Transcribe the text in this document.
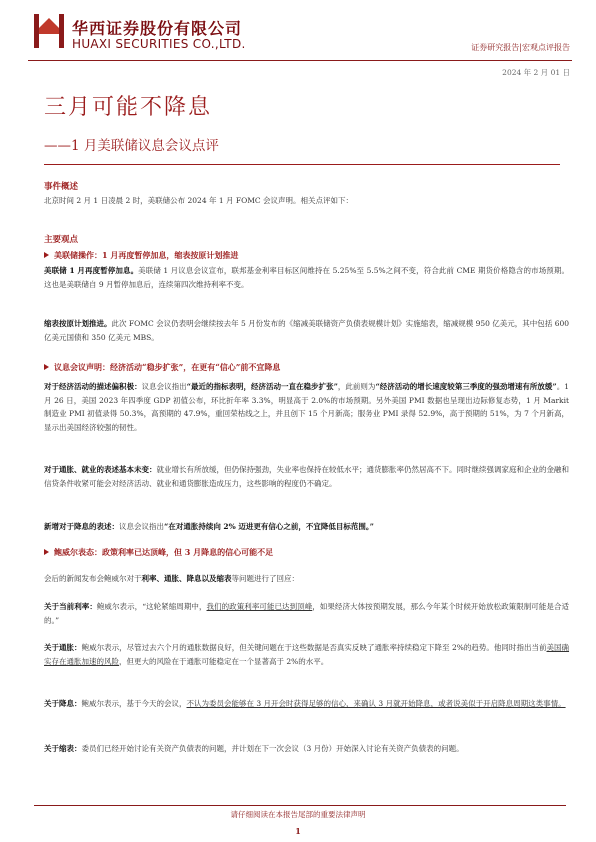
华西证券股份有限公司
HUAXI SECURITIES CO.,LTD.	证券研究报告|宏观点评报告
2024 年 2 月 01 日
三月可能不降息
——1 月美联储议息会议点评
事件概述
北京时间 2 月 1 日凌晨 2 时，美联储公布 2024 年 1 月 FOMC 会议声明。相关点评如下：
主要观点
美联储操作：1 月再度暂停加息，缩表按原计划推进
美联储 1 月再度暂停加息。美联储 1 月议息会议宣布，联邦基金利率目标区间维持在 5.25%至 5.5%之间不变，符合此前 CME 期货价格隐含的市场预期。这也是美联储自 9 月暂停加息后，连续第四次维持利率不变。
缩表按原计划推进。此次 FOMC 会议仍表明会继续按去年 5 月份发布的《缩减美联储资产负债表规模计划》实施缩表，缩减规模 950 亿美元，其中包括 600 亿美元国债和 350 亿美元 MBS。
议息会议声明：经济活动“稳步扩张”，在更有“信心”前不宜降息
对于经济活动的描述偏积极：议息会议指出“最近的指标表明，经济活动一直在稳步扩张”，此前则为“经济活动的增长速度较第三季度的强劲增速有所放缓”。1 月 26 日，美国 2023 年四季度 GDP 初值公布，环比折年率 3.3%，明显高于 2.0%的市场预期。另外美国 PMI 数据也呈现出边际修复态势，1 月 Markit 制造业 PMI 初值录得 50.3%，高预期的 47.9%，重回荣枯线之上，并且创下 15 个月新高；服务业 PMI 录得 52.9%，高于预期的 51%，为 7 个月新高，显示出美国经济较强的韧性。
对于通胀、就业的表述基本未变：就业增长有所放缓，但仍保持强劲，失业率也保持在较低水平；通货膨胀率仍然居高不下。同时继续强调家庭和企业的金融和信贷条件收紧可能会对经济活动、就业和通货膨胀造成压力，这些影响的程度仍不确定。
新增对于降息的表述：议息会议指出“在对通胀持续向 2% 迈进更有信心之前，不宜降低目标范围。”
鲍威尔表态：政策利率已达顶峰，但 3 月降息的信心可能不足
会后的新闻发布会鲍威尔对于利率、通胀、降息以及缩表等问题进行了回应：
关于当前利率：鲍威尔表示，“这轮紧缩周期中，我们的政策利率可能已达到顶峰，如果经济大体按预期发展，那么今年某个时候开始放松政策限制可能是合适的。”
关于通胀：鲍威尔表示，尽管过去六个月的通胀数据良好，但关键问题在于这些数据是否真实反映了通胀率持续稳定下降至 2%的趋势。他同时指出当前美国确实存在通胀加速的风险，但更大的风险在于通胀可能稳定在一个显著高于 2%的水平。
关于降息：鲍威尔表示，基于今天的会议，不认为委员会能够在 3 月开会时获得足够的信心，来确认 3 月就开始降息，或者说美似于开启降息周期这类事情。
关于缩表：委员们已经开始讨论有关资产负债表的问题，并计划在下一次会议（3 月份）开始深入讨论有关资产负债表的问题。
请仔细阅读在本报告尾部的重要法律声明
1
